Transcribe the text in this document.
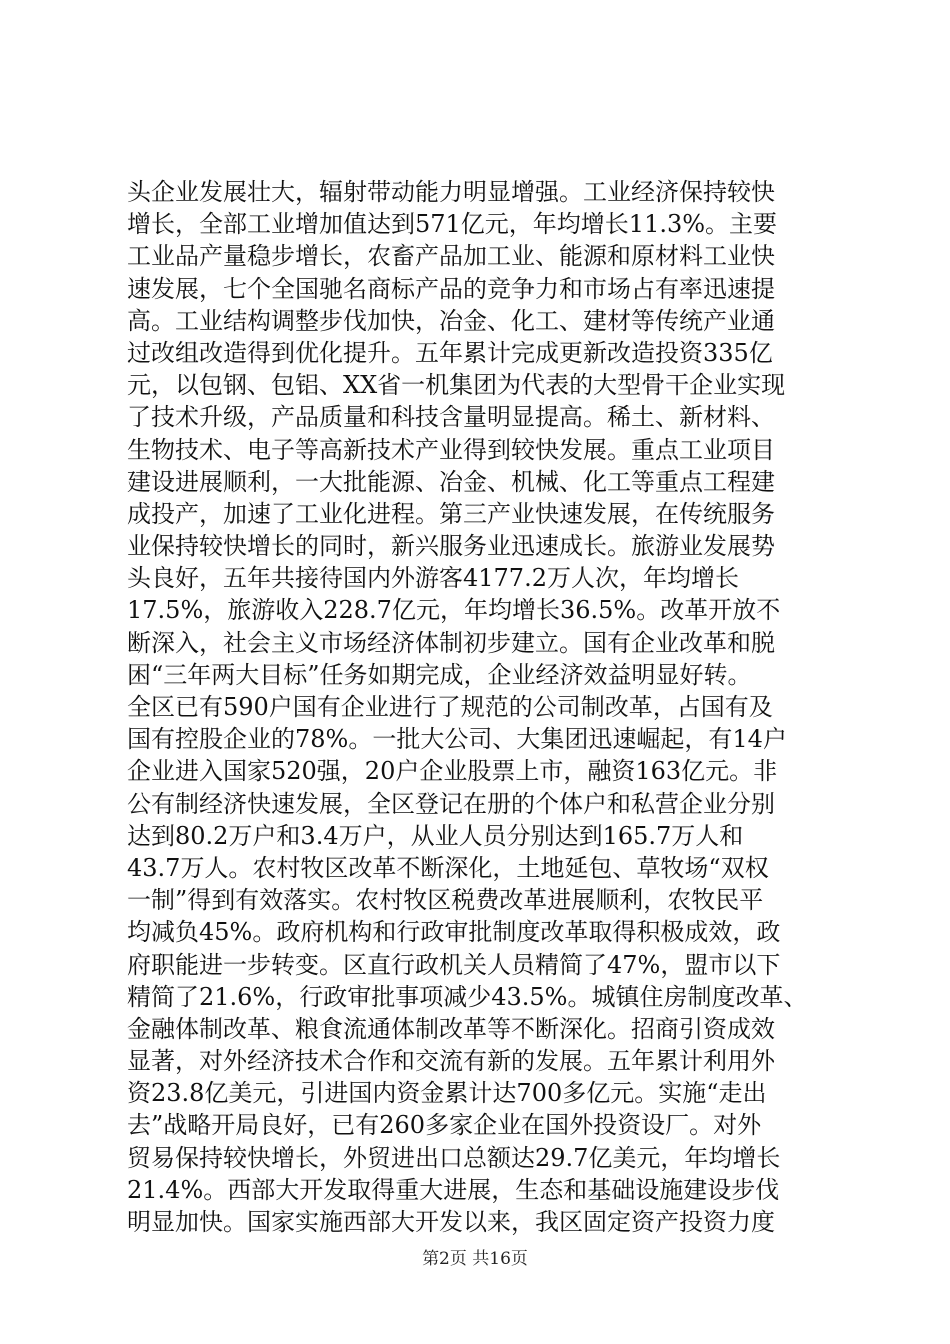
头企业发展壮大，辐射带动能力明显增强。工业经济保持较快
增长，全部工业增加值达到571亿元，年均增长11.3%。主要
工业品产量稳步增长，农畜产品加工业、能源和原材料工业快
速发展，七个全国驰名商标产品的竞争力和市场占有率迅速提
高。工业结构调整步伐加快，冶金、化工、建材等传统产业通
过改组改造得到优化提升。五年累计完成更新改造投资335亿
元，以包钢、包铝、XX省一机集团为代表的大型骨干企业实现
了技术升级，产品质量和科技含量明显提高。稀土、新材料、
生物技术、电子等高新技术产业得到较快发展。重点工业项目
建设进展顺利，一大批能源、冶金、机械、化工等重点工程建
成投产，加速了工业化进程。第三产业快速发展，在传统服务
业保持较快增长的同时，新兴服务业迅速成长。旅游业发展势
头良好，五年共接待国内外游客4177.2万人次，年均增长
17.5%，旅游收入228.7亿元，年均增长36.5%。改革开放不
断深入，社会主义市场经济体制初步建立。国有企业改革和脱
困“三年两大目标”任务如期完成，企业经济效益明显好转。
全区已有590户国有企业进行了规范的公司制改革，占国有及
国有控股企业的78%。一批大公司、大集团迅速崛起，有14户
企业进入国家520强，20户企业股票上市，融资163亿元。非
公有制经济快速发展，全区登记在册的个体户和私营企业分别
达到80.2万户和3.4万户，从业人员分别达到165.7万人和
43.7万人。农村牧区改革不断深化，土地延包、草牧场“双权
一制”得到有效落实。农村牧区税费改革进展顺利，农牧民平
均减负45%。政府机构和行政审批制度改革取得积极成效，政
府职能进一步转变。区直行政机关人员精简了47%，盟市以下
精简了21.6%，行政审批事项减少43.5%。城镇住房制度改革、
金融体制改革、粮食流通体制改革等不断深化。招商引资成效
显著，对外经济技术合作和交流有新的发展。五年累计利用外
资23.8亿美元，引进国内资金累计达700多亿元。实施“走出
去”战略开局良好，已有260多家企业在国外投资设厂。对外
贸易保持较快增长，外贸进出口总额达29.7亿美元，年均增长
21.4%。西部大开发取得重大进展，生态和基础设施建设步伐
明显加快。国家实施西部大开发以来，我区固定资产投资力度
第2页 共16页
